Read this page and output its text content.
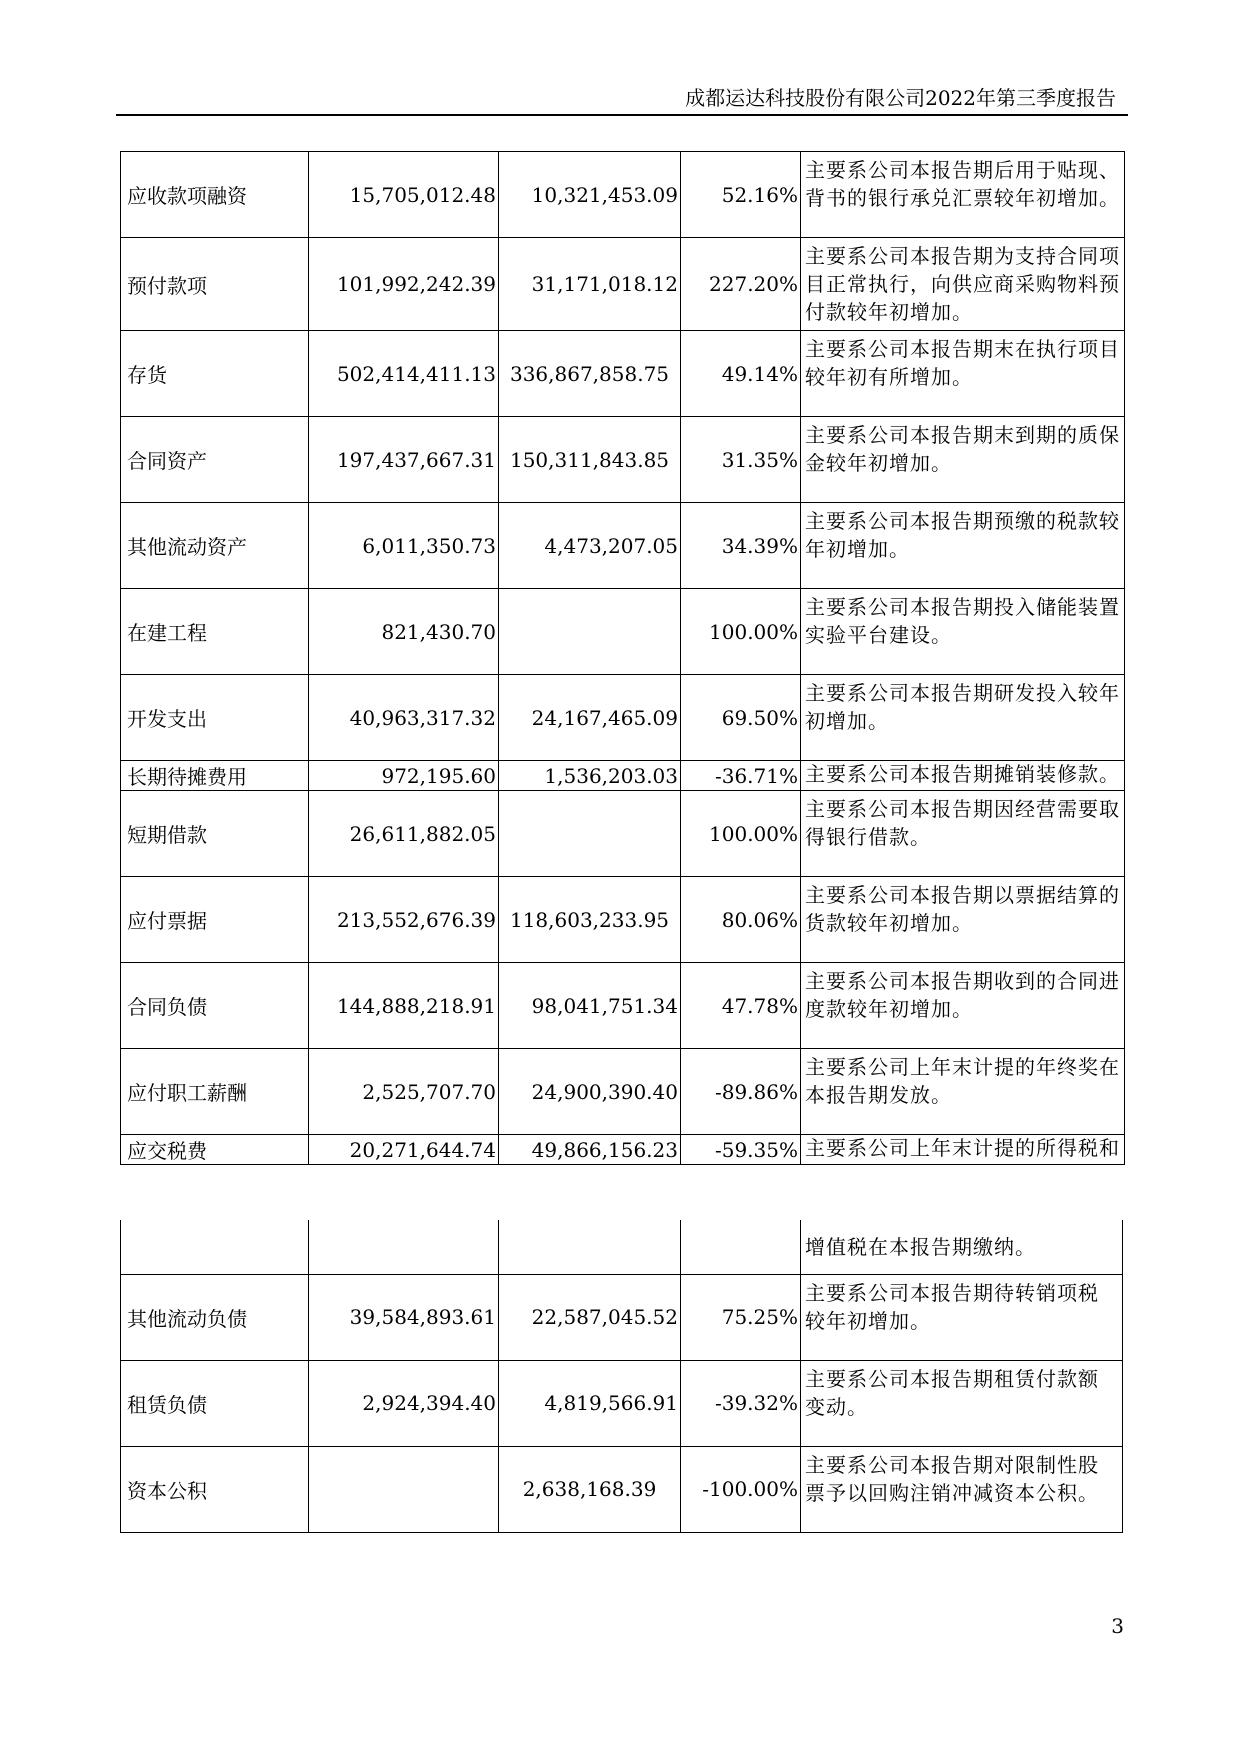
成都运达科技股份有限公司2022年第三季度报告
应收款项融资	15,705,012.48	10,321,453.09	52.16%	主要系公司本报告期后用于贴现、背书的银行承兑汇票较年初增加。
预付款项	101,992,242.39	31,171,018.12	227.20%	主要系公司本报告期为支持合同项目正常执行，向供应商采购物料预付款较年初增加。
存货	502,414,411.13	336,867,858.75	49.14%	主要系公司本报告期末在执行项目较年初有所增加。
合同资产	197,437,667.31	150,311,843.85	31.35%	主要系公司本报告期末到期的质保金较年初增加。
其他流动资产	6,011,350.73	4,473,207.05	34.39%	主要系公司本报告期预缴的税款较年初增加。
在建工程	821,430.70		100.00%	主要系公司本报告期投入储能装置实验平台建设。
开发支出	40,963,317.32	24,167,465.09	69.50%	主要系公司本报告期研发投入较年初增加。
长期待摊费用	972,195.60	1,536,203.03	-36.71%	主要系公司本报告期摊销装修款。
短期借款	26,611,882.05		100.00%	主要系公司本报告期因经营需要取得银行借款。
应付票据	213,552,676.39	118,603,233.95	80.06%	主要系公司本报告期以票据结算的货款较年初增加。
合同负债	144,888,218.91	98,041,751.34	47.78%	主要系公司本报告期收到的合同进度款较年初增加。
应付职工薪酬	2,525,707.70	24,900,390.40	-89.86%	主要系公司上年末计提的年终奖在本报告期发放。
应交税费	20,271,644.74	49,866,156.23	-59.35%	主要系公司上年末计提的所得税和
				增值税在本报告期缴纳。
其他流动负债	39,584,893.61	22,587,045.52	75.25%	主要系公司本报告期待转销项税较年初增加。
租赁负债	2,924,394.40	4,819,566.91	-39.32%	主要系公司本报告期租赁付款额变动。
资本公积		2,638,168.39	-100.00%	主要系公司本报告期对限制性股票予以回购注销冲减资本公积。
3
